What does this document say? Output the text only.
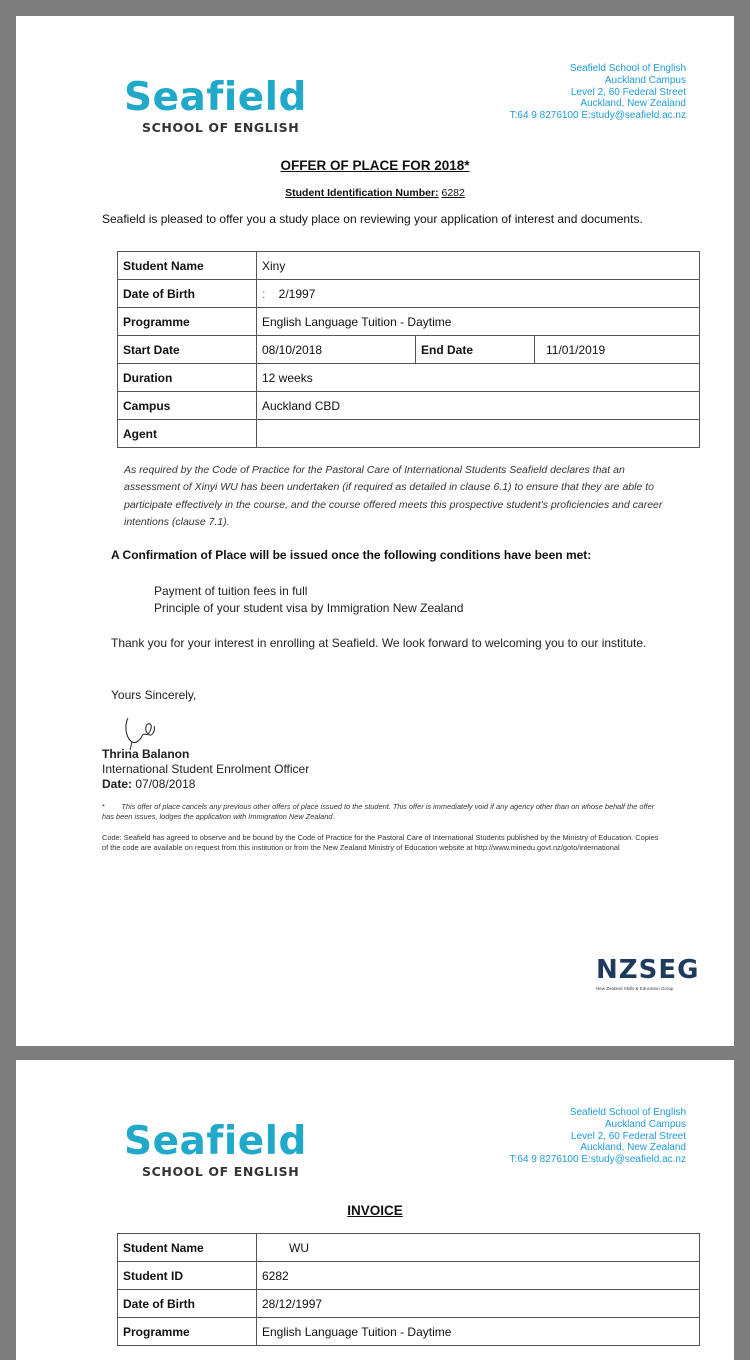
Seafield
SCHOOL OF ENGLISH
Seafield School of English
Auckland Campus
Level 2, 60 Federal Street
Auckland, New Zealand
T:64 9 8276100 E:study@seafield.ac.nz
OFFER OF PLACE FOR 2018*
Student Identification Number: 6282
Seafield is pleased to offer you a study place on reviewing your application of interest and documents.
Student Name	Xiny		
Date of Birth	:    2/1997		
Programme	English Language Tuition - Daytime		
Start Date	08/10/2018	End Date	11/01/2019
Duration	12 weeks		
Campus	Auckland CBD		
Agent			
As required by the Code of Practice for the Pastoral Care of International Students Seafield declares that an assessment of Xinyi WU has been undertaken (if required as detailed in clause 6.1) to ensure that they are able to participate effectively in the course, and the course offered meets this prospective student's proficiencies and career intentions (clause 7.1).
A Confirmation of Place will be issued once the following conditions have been met:
Payment of tuition fees in full
Principle of your student visa by Immigration New Zealand
Thank you for your interest in enrolling at Seafield. We look forward to welcoming you to our institute.
Yours Sincerely,
Thrina Balanon
International Student Enrolment Officer
Date: 07/08/2018
* This offer of place cancels any previous other offers of place issued to the student. This offer is immediately void if any agency other than on whose behalf the offer has been issues, lodges the application with Immigration New Zealand.
Code: Seafield has agreed to observe and be bound by the Code of Practice for the Pastoral Care of International Students published by the Ministry of Education. Copies of the code are available on request from this institution or from the New Zealand Ministry of Education website at http://www.minedu.govt.nz/goto/international
NZSEG
New Zealand Skills & Education Group
Seafield
SCHOOL OF ENGLISH
Seafield School of English
Auckland Campus
Level 2, 60 Federal Street
Auckland, New Zealand
T:64 9 8276100 E:study@seafield.ac.nz
INVOICE
Student Name	WU
Student ID	6282
Date of Birth	28/12/1997
Programme	English Language Tuition - Daytime
